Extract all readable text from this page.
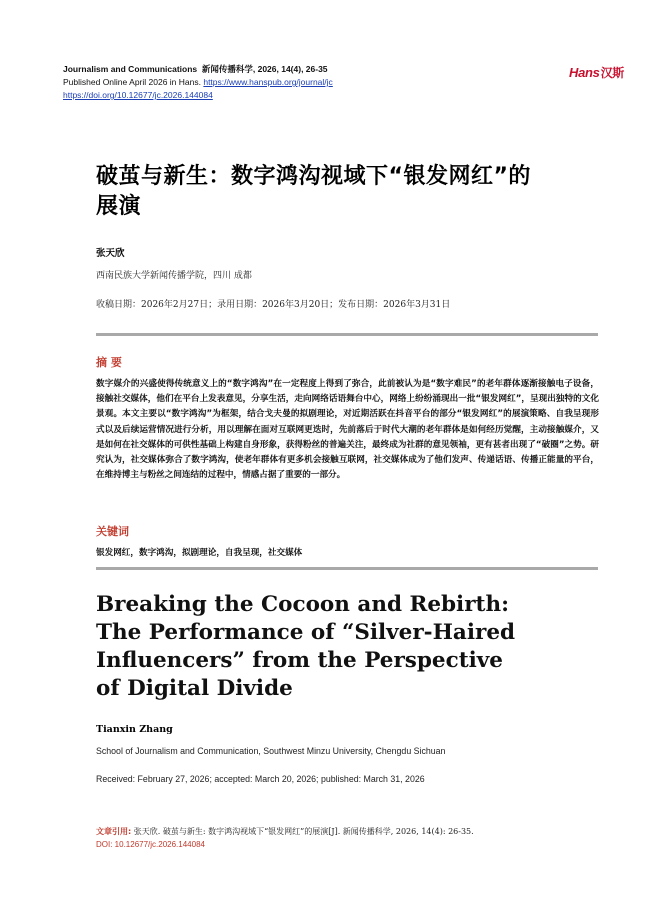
Journalism and Communications 新闻传播科学, 2026, 14(4), 26-35
Published Online April 2026 in Hans. https://www.hanspub.org/journal/jc
https://doi.org/10.12677/jc.2026.144084
Hans汉斯
破茧与新生：数字鸿沟视域下“银发网红”的
展演
张天欣
西南民族大学新闻传播学院，四川 成都
收稿日期：2026年2月27日；录用日期：2026年3月20日；发布日期：2026年3月31日
摘 要
数字媒介的兴盛使得传统意义上的“数字鸿沟”在一定程度上得到了弥合，此前被认为是“数字难民”的老年群体逐渐接触电子设备，接触社交媒体，他们在平台上发表意见，分享生活，走向网络话语舞台中心，网络上纷纷涌现出一批“银发网红”，呈现出独特的文化景观。本文主要以“数字鸿沟”为框架，结合戈夫曼的拟剧理论，对近期活跃在抖音平台的部分“银发网红”的展演策略、自我呈现形式以及后续运营情况进行分析，用以理解在面对互联网更迭时，先前落后于时代大潮的老年群体是如何经历觉醒，主动接触媒介，又是如何在社交媒体的可供性基础上构建自身形象，获得粉丝的普遍关注，最终成为社群的意见领袖，更有甚者出现了“破圈”之势。研究认为，社交媒体弥合了数字鸿沟，使老年群体有更多机会接触互联网，社交媒体成为了他们发声、传递话语、传播正能量的平台，在维持博主与粉丝之间连结的过程中，情感占据了重要的一部分。
关键词
银发网红，数字鸿沟，拟剧理论，自我呈现，社交媒体
Breaking the Cocoon and Rebirth:
The Performance of “Silver-Haired
Influencers” from the Perspective
of Digital Divide
Tianxin Zhang
School of Journalism and Communication, Southwest Minzu University, Chengdu Sichuan
Received: February 27, 2026; accepted: March 20, 2026; published: March 31, 2026
文章引用: 张天欣. 破茧与新生: 数字鸿沟视域下“银发网红”的展演[J]. 新闻传播科学, 2026, 14(4): 26-35.
DOI: 10.12677/jc.2026.144084
